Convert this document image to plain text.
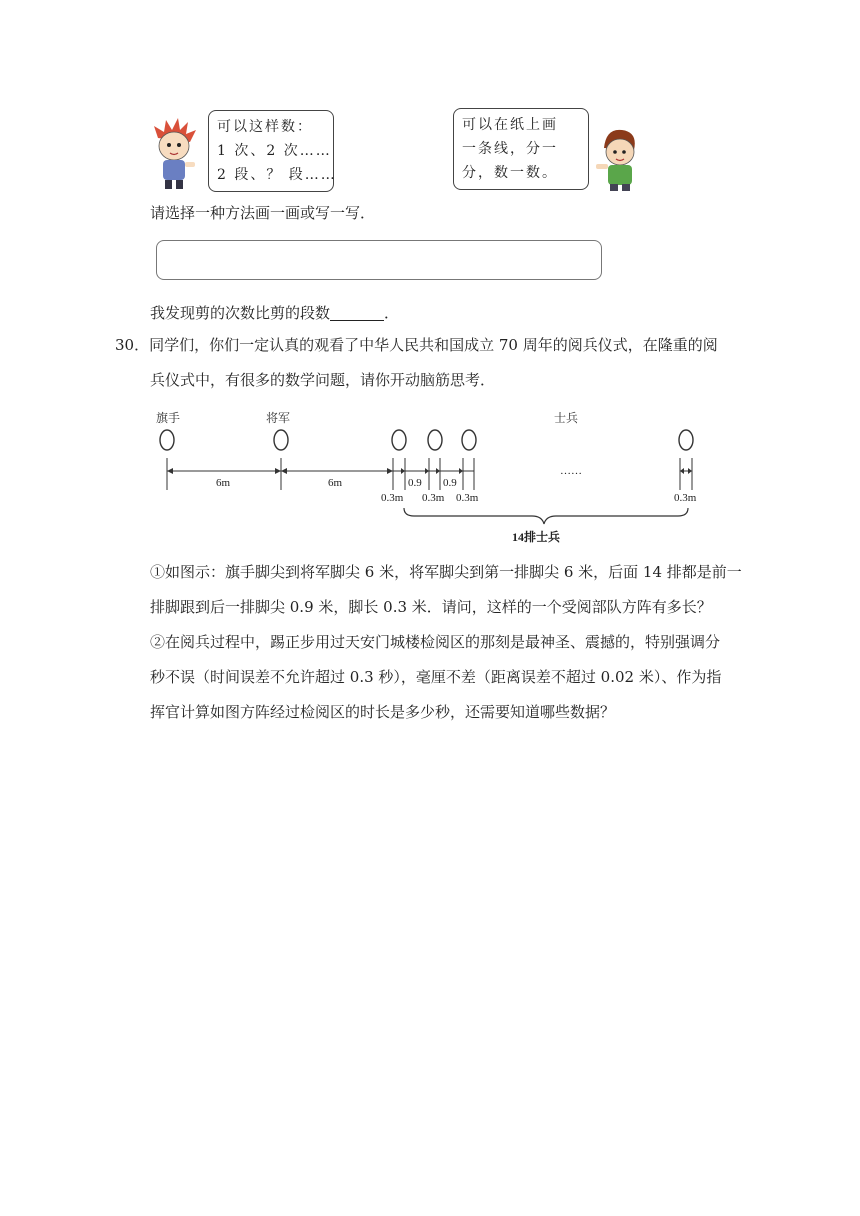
可以这样数：
1 次、2 次……
2 段、？ 段……
可以在纸上画
一条线，分一
分，数一数。
请选择一种方法画一画或写一写．
我发现剪的次数比剪的段数	．
30．同学们，你们一定认真的观看了中华人民共和国成立 70 周年的阅兵仪式，在隆重的阅
兵仪式中，有很多的数学问题，请你开动脑筋思考．
旗手	将军	士兵
6m	6m
0.3m
0.9
0.3m
0.9
0.3m	0.3m
……
14排士兵
①如图示：旗手脚尖到将军脚尖 6 米，将军脚尖到第一排脚尖 6 米，后面 14 排都是前一
排脚跟到后一排脚尖 0.9 米，脚长 0.3 米．请问，这样的一个受阅部队方阵有多长？
②在阅兵过程中，踢正步用过天安门城楼检阅区的那刻是最神圣、震撼的，特别强调分
秒不误（时间误差不允许超过 0.3 秒），毫厘不差（距离误差不超过 0.02 米）、作为指
挥官计算如图方阵经过检阅区的时长是多少秒，还需要知道哪些数据？
